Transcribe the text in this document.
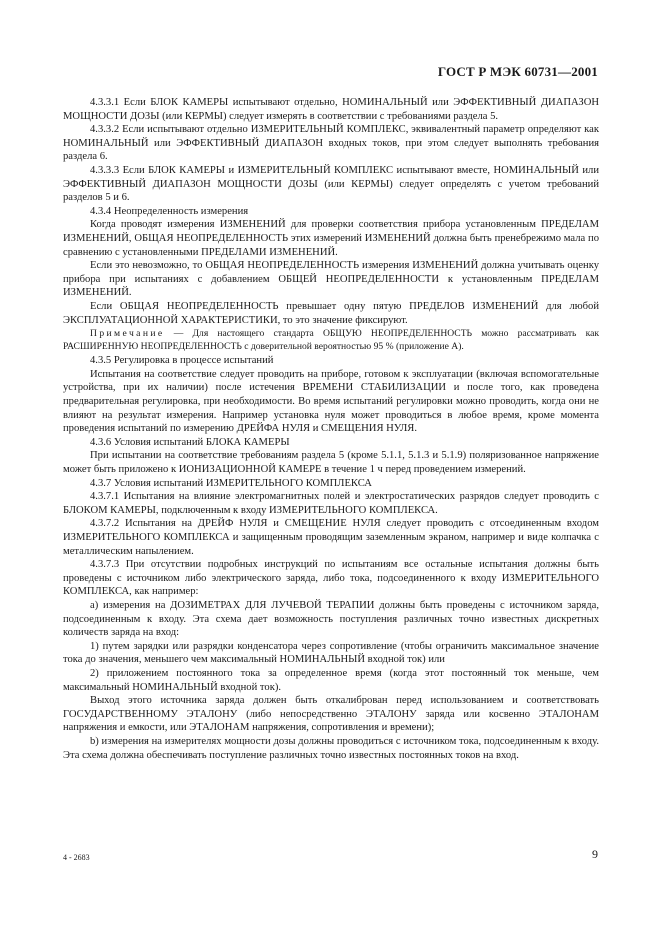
ГОСТ Р МЭК 60731—2001

4.3.3.1 Если БЛОК КАМЕРЫ испытывают отдельно, НОМИНАЛЬНЫЙ или ЭФФЕКТИВНЫЙ ДИАПАЗОН МОЩНОСТИ ДОЗЫ (или КЕРМЫ) следует измерять в соответствии с требованиями раздела 5.

4.3.3.2 Если испытывают отдельно ИЗМЕРИТЕЛЬНЫЙ КОМПЛЕКС, эквивалентный параметр определяют как НОМИНАЛЬНЫЙ или ЭФФЕКТИВНЫЙ ДИАПАЗОН входных токов, при этом следует выполнять требования раздела 6.

4.3.3.3 Если БЛОК КАМЕРЫ и ИЗМЕРИТЕЛЬНЫЙ КОМПЛЕКС испытывают вместе, НОМИНАЛЬНЫЙ или ЭФФЕКТИВНЫЙ ДИАПАЗОН МОЩНОСТИ ДОЗЫ (или КЕРМЫ) следует определять с учетом требований разделов 5 и 6.

4.3.4 Неопределенность измерения

Когда проводят измерения ИЗМЕНЕНИЙ для проверки соответствия прибора установленным ПРЕДЕЛАМ ИЗМЕНЕНИЙ, ОБЩАЯ НЕОПРЕДЕЛЕННОСТЬ этих измерений ИЗМЕНЕНИЙ должна быть пренебрежимо мала по сравнению с установленными ПРЕДЕЛАМИ ИЗМЕНЕНИЙ.

Если это невозможно, то ОБЩАЯ НЕОПРЕДЕЛЕННОСТЬ измерения ИЗМЕНЕНИЙ должна учитывать оценку прибора при испытаниях с добавлением ОБЩЕЙ НЕОПРЕДЕЛЕННОСТИ к установленным ПРЕДЕЛАМ ИЗМЕНЕНИЙ.

Если ОБЩАЯ НЕОПРЕДЕЛЕННОСТЬ превышает одну пятую ПРЕДЕЛОВ ИЗМЕНЕНИЙ для любой ЭКСПЛУАТАЦИОННОЙ ХАРАКТЕРИСТИКИ, то это значение фиксируют.

Примечание — Для настоящего стандарта ОБЩУЮ НЕОПРЕДЕЛЕННОСТЬ можно рассматривать как РАСШИРЕННУЮ НЕОПРЕДЕЛЕННОСТЬ с доверительной вероятностью 95 % (приложение А).

4.3.5 Регулировка в процессе испытаний

Испытания на соответствие следует проводить на приборе, готовом к эксплуатации (включая вспомогательные устройства, при их наличии) после истечения ВРЕМЕНИ СТАБИЛИЗАЦИИ и после того, как проведена предварительная регулировка, при необходимости. Во время испытаний регулировки можно проводить, когда они не влияют на результат измерения. Например установка нуля может проводиться в любое время, кроме момента проведения испытаний по измерению ДРЕЙФА НУЛЯ и СМЕЩЕНИЯ НУЛЯ.

4.3.6 Условия испытаний БЛОКА КАМЕРЫ

При испытании на соответствие требованиям раздела 5 (кроме 5.1.1, 5.1.3 и 5.1.9) поляризованное напряжение может быть приложено к ИОНИЗАЦИОННОЙ КАМЕРЕ в течение 1 ч перед проведением измерений.

4.3.7 Условия испытаний ИЗМЕРИТЕЛЬНОГО КОМПЛЕКСА

4.3.7.1 Испытания на влияние электромагнитных полей и электростатических разрядов следует проводить с БЛОКОМ КАМЕРЫ, подключенным к входу ИЗМЕРИТЕЛЬНОГО КОМПЛЕКСА.

4.3.7.2 Испытания на ДРЕЙФ НУЛЯ и СМЕЩЕНИЕ НУЛЯ следует проводить с отсоединенным входом ИЗМЕРИТЕЛЬНОГО КОМПЛЕКСА и защищенным проводящим заземленным экраном, например и виде колпачка с металлическим напылением.

4.3.7.3 При отсутствии подробных инструкций по испытаниям все остальные испытания должны быть проведены с источником либо электрического заряда, либо тока, подсоединенного к входу ИЗМЕРИТЕЛЬНОГО КОМПЛЕКСА, как например:

а) измерения на ДОЗИМЕТРАХ ДЛЯ ЛУЧЕВОЙ ТЕРАПИИ должны быть проведены с источником заряда, подсоединенным к входу. Эта схема дает возможность поступления различных точно известных дискретных количеств заряда на вход:

1) путем зарядки или разрядки конденсатора через сопротивление (чтобы ограничить максимальное значение тока до значения, меньшего чем максимальный НОМИНАЛЬНЫЙ входной ток) или

2) приложением постоянного тока за определенное время (когда этот постоянный ток меньше, чем максимальный НОМИНАЛЬНЫЙ входной ток).

Выход этого источника заряда должен быть откалиброван перед использованием и соответствовать ГОСУДАРСТВЕННОМУ ЭТАЛОНУ (либо непосредственно ЭТАЛОНУ заряда или косвенно ЭТАЛОНАМ напряжения и емкости, или ЭТАЛОНАМ напряжения, сопротивления и времени);

b) измерения на измерителях мощности дозы должны проводиться с источником тока, подсоединенным к входу. Эта схема должна обеспечивать поступление различных точно известных постоянных токов на вход.

4 - 2683	9
